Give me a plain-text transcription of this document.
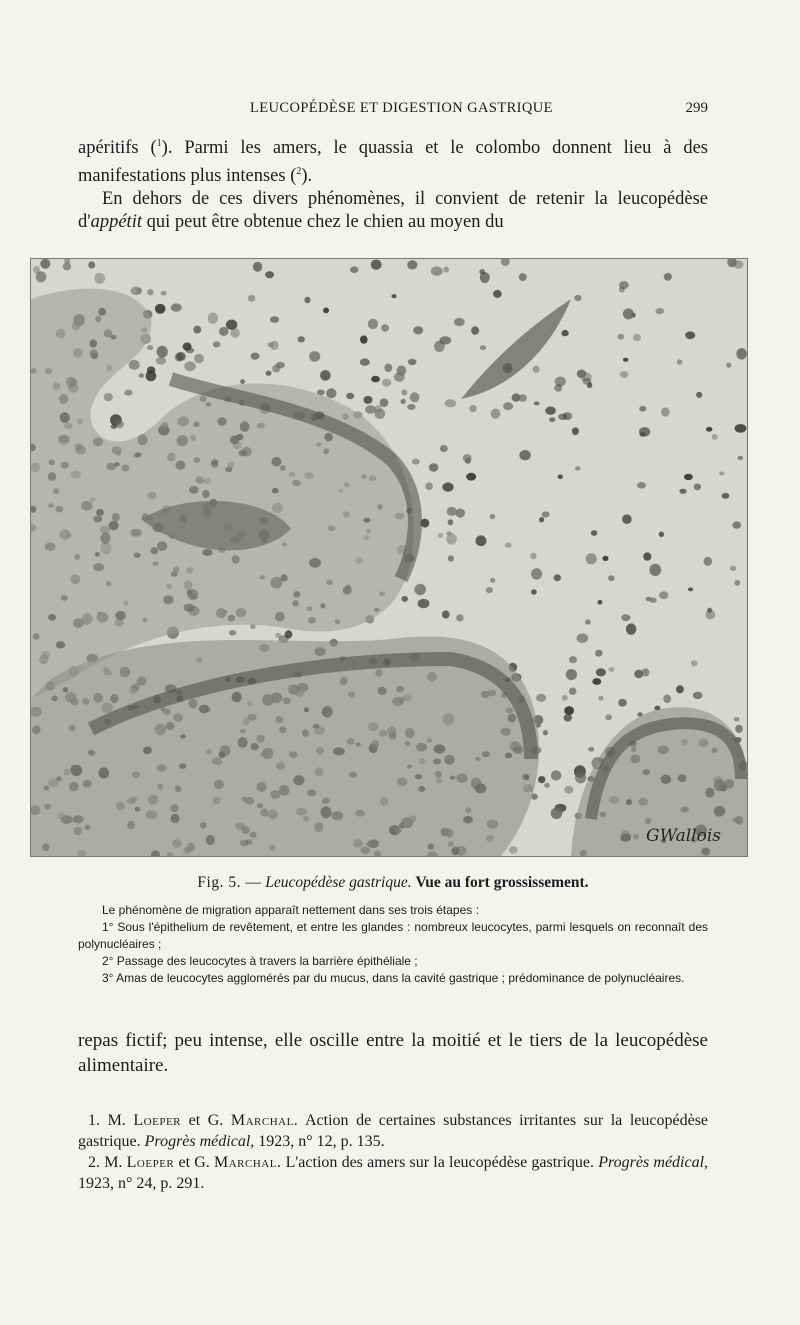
LEUCOPÉDÈSE ET DIGESTION GASTRIQUE	299

apéritifs ($^1$). Parmi les amers, le quassia et le colombo donnent lieu à des manifestations plus intenses ($^2$).

En dehors de ces divers phénomènes, il convient de retenir la leucopédèse d'appétit qui peut être obtenue chez le chien au moyen du

GWallois

Fig. 5. — Leucopédèse gastrique. Vue au fort grossissement.

Le phénomène de migration apparaît nettement dans ses trois étapes :

1° Sous l'épithelium de revêtement, et entre les glandes : nombreux leucocytes, parmi lesquels on reconnaît des polynucléaires ;

2° Passage des leucocytes à travers la barrière épithéliale ;

3° Amas de leucocytes agglomérés par du mucus, dans la cavité gastrique ; prédominance de polynucléaires.

repas fictif; peu intense, elle oscille entre la moitié et le tiers de la leucopédèse alimentaire.

1. M. Loeper et G. Marchal. Action de certaines substances irritantes sur la leucopédèse gastrique. Progrès médical, 1923, n° 12, p. 135.

2. M. Loeper et G. Marchal. L'action des amers sur la leucopédèse gastrique. Progrès médical, 1923, n° 24, p. 291.
